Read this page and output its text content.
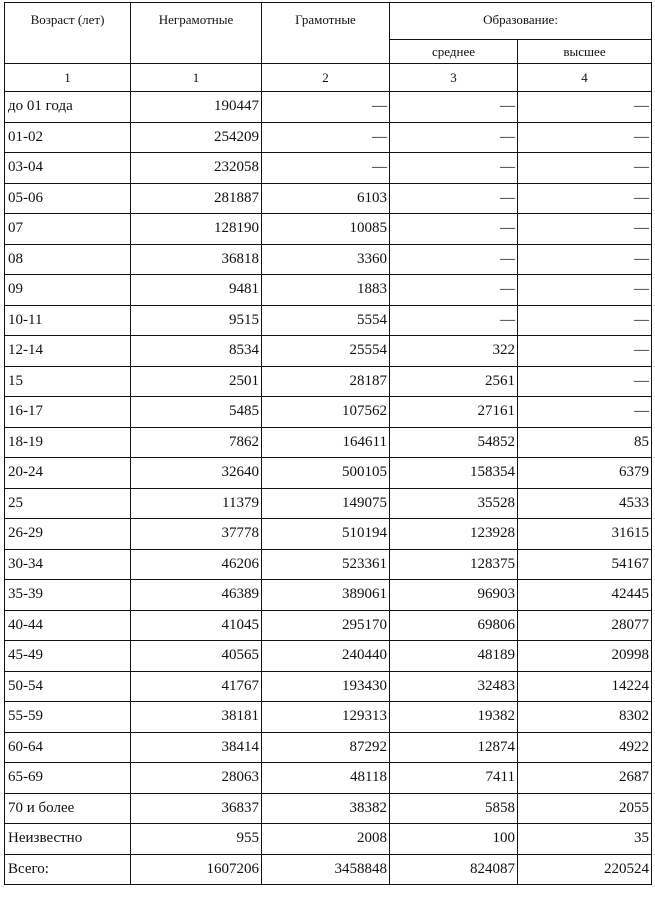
Возраст (лет)	Неграмотные	Грамотные	Образование:	
			среднее	высшее
1	1	2	3	4
до 01 года	190447	—	—	—
01-02	254209	—	—	—
03-04	232058	—	—	—
05-06	281887	6103	—	—
07	128190	10085	—	—
08	36818	3360	—	—
09	9481	1883	—	—
10-11	9515	5554	—	—
12-14	8534	25554	322	—
15	2501	28187	2561	—
16-17	5485	107562	27161	—
18-19	7862	164611	54852	85
20-24	32640	500105	158354	6379
25	11379	149075	35528	4533
26-29	37778	510194	123928	31615
30-34	46206	523361	128375	54167
35-39	46389	389061	96903	42445
40-44	41045	295170	69806	28077
45-49	40565	240440	48189	20998
50-54	41767	193430	32483	14224
55-59	38181	129313	19382	8302
60-64	38414	87292	12874	4922
65-69	28063	48118	7411	2687
70 и более	36837	38382	5858	2055
Неизвестно	955	2008	100	35
Всего:	1607206	3458848	824087	220524
